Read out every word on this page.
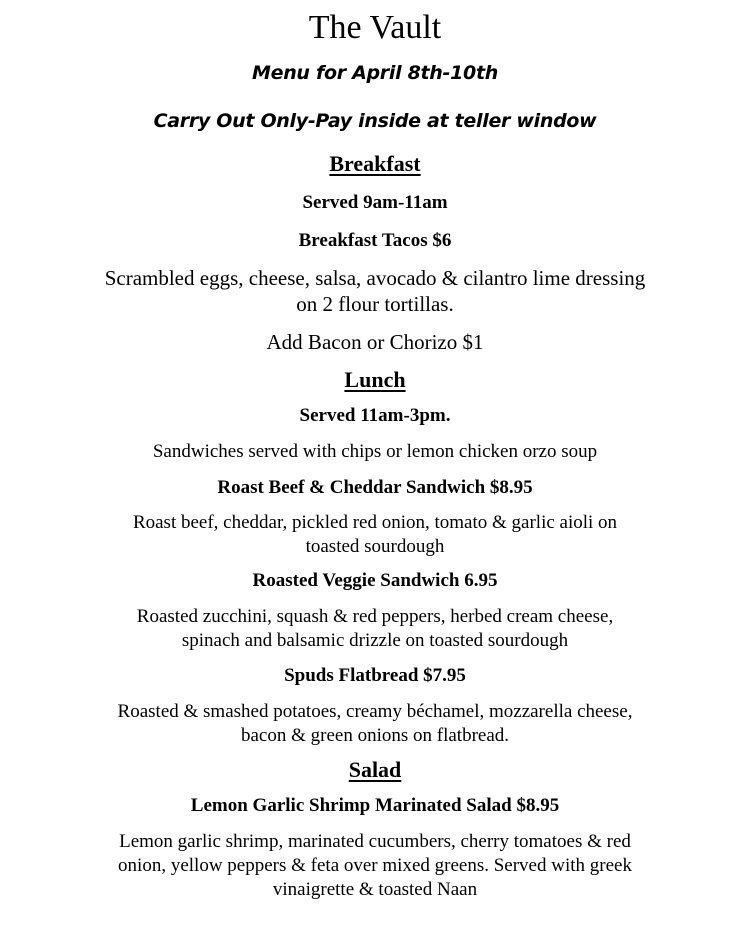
The Vault
Menu for April 8th-10th
Carry Out Only-Pay inside at teller window
Breakfast
Served 9am-11am
Breakfast Tacos $6
Scrambled eggs, cheese, salsa, avocado & cilantro lime dressing
on 2 flour tortillas.
Add Bacon or Chorizo $1
Lunch
Served 11am-3pm.
Sandwiches served with chips or lemon chicken orzo soup
Roast Beef & Cheddar Sandwich $8.95
Roast beef, cheddar, pickled red onion, tomato & garlic aioli on
toasted sourdough
Roasted Veggie Sandwich 6.95
Roasted zucchini, squash & red peppers, herbed cream cheese,
spinach and balsamic drizzle on toasted sourdough
Spuds Flatbread $7.95
Roasted & smashed potatoes, creamy béchamel, mozzarella cheese,
bacon & green onions on flatbread.
Salad
Lemon Garlic Shrimp Marinated Salad $8.95
Lemon garlic shrimp, marinated cucumbers, cherry tomatoes & red
onion, yellow peppers & feta over mixed greens. Served with greek
vinaigrette & toasted Naan
